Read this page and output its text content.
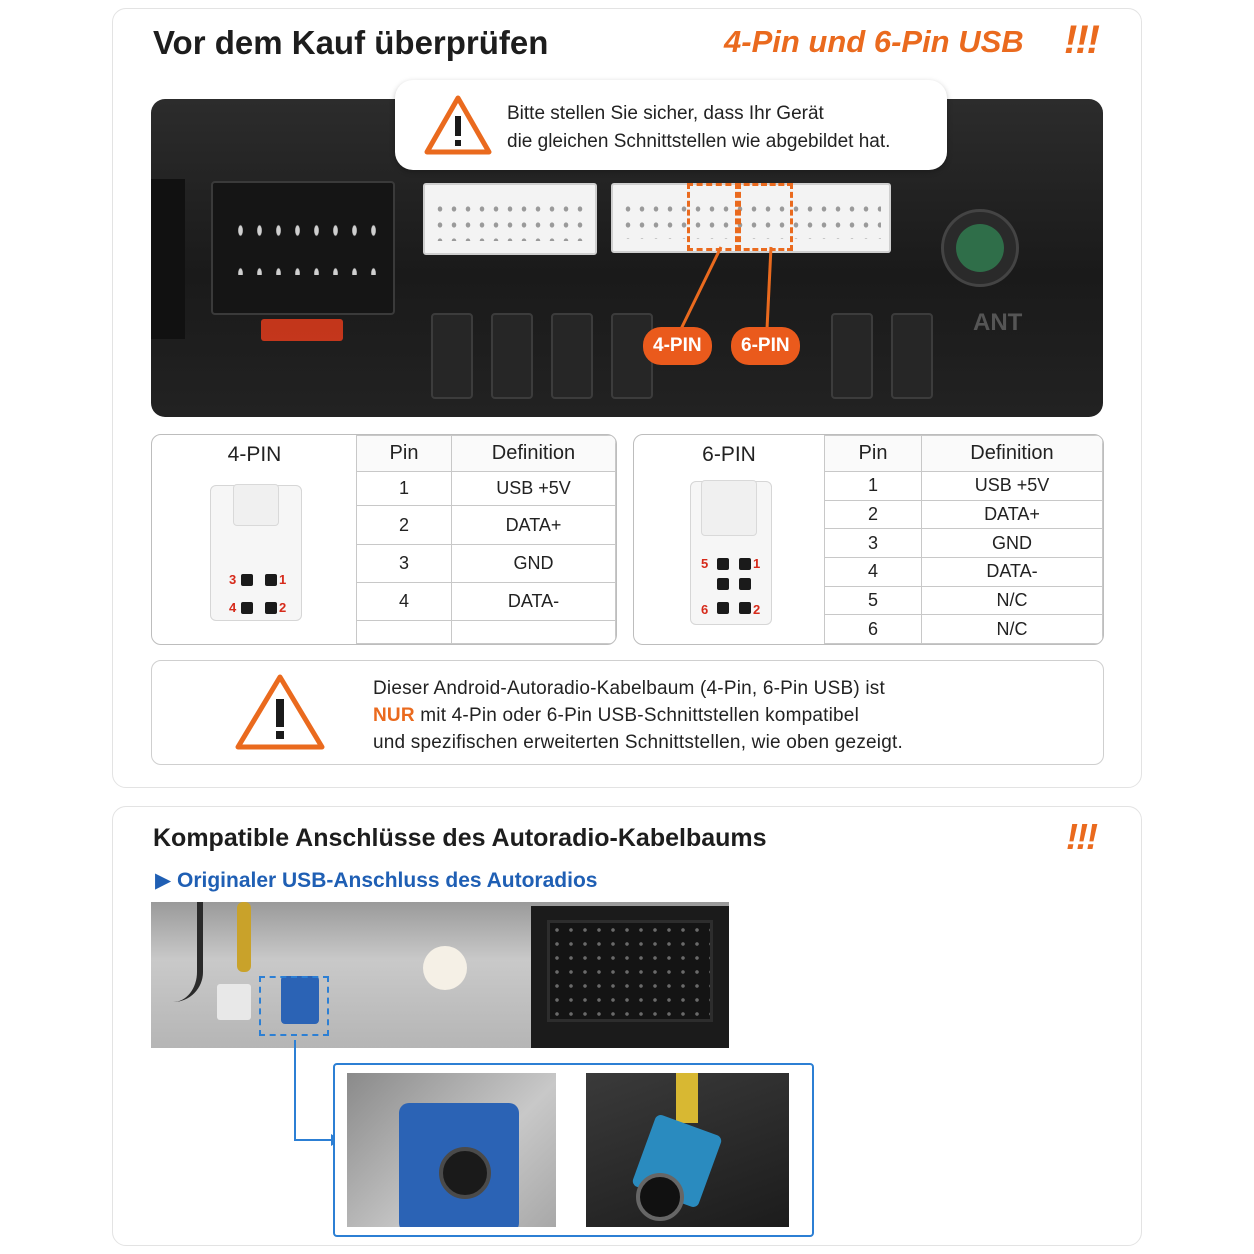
Vor dem Kauf überprüfen	4-Pin und 6-Pin USB !!!
ANT
4-PIN	6-PIN
Bitte stellen Sie sicher, dass Ihr Gerät
die gleichen Schnittstellen wie abgebildet hat.
4-PIN
3	1
4	2
Pin	Definition
1	USB +5V
2	DATA+
3	GND
4	DATA-

6-PIN
5	1
6	2
Pin	Definition
1	USB +5V
2	DATA+
3	GND
4	DATA-
5	N/C
6	N/C
Dieser Android-Autoradio-Kabelbaum (4-Pin, 6-Pin USB) ist
NUR mit 4-Pin oder 6-Pin USB-Schnittstellen kompatibel
und spezifischen erweiterten Schnittstellen, wie oben gezeigt.
Kompatible Anschlüsse des Autoradio-Kabelbaums	!!!
▶ Originaler USB-Anschluss des Autoradios
